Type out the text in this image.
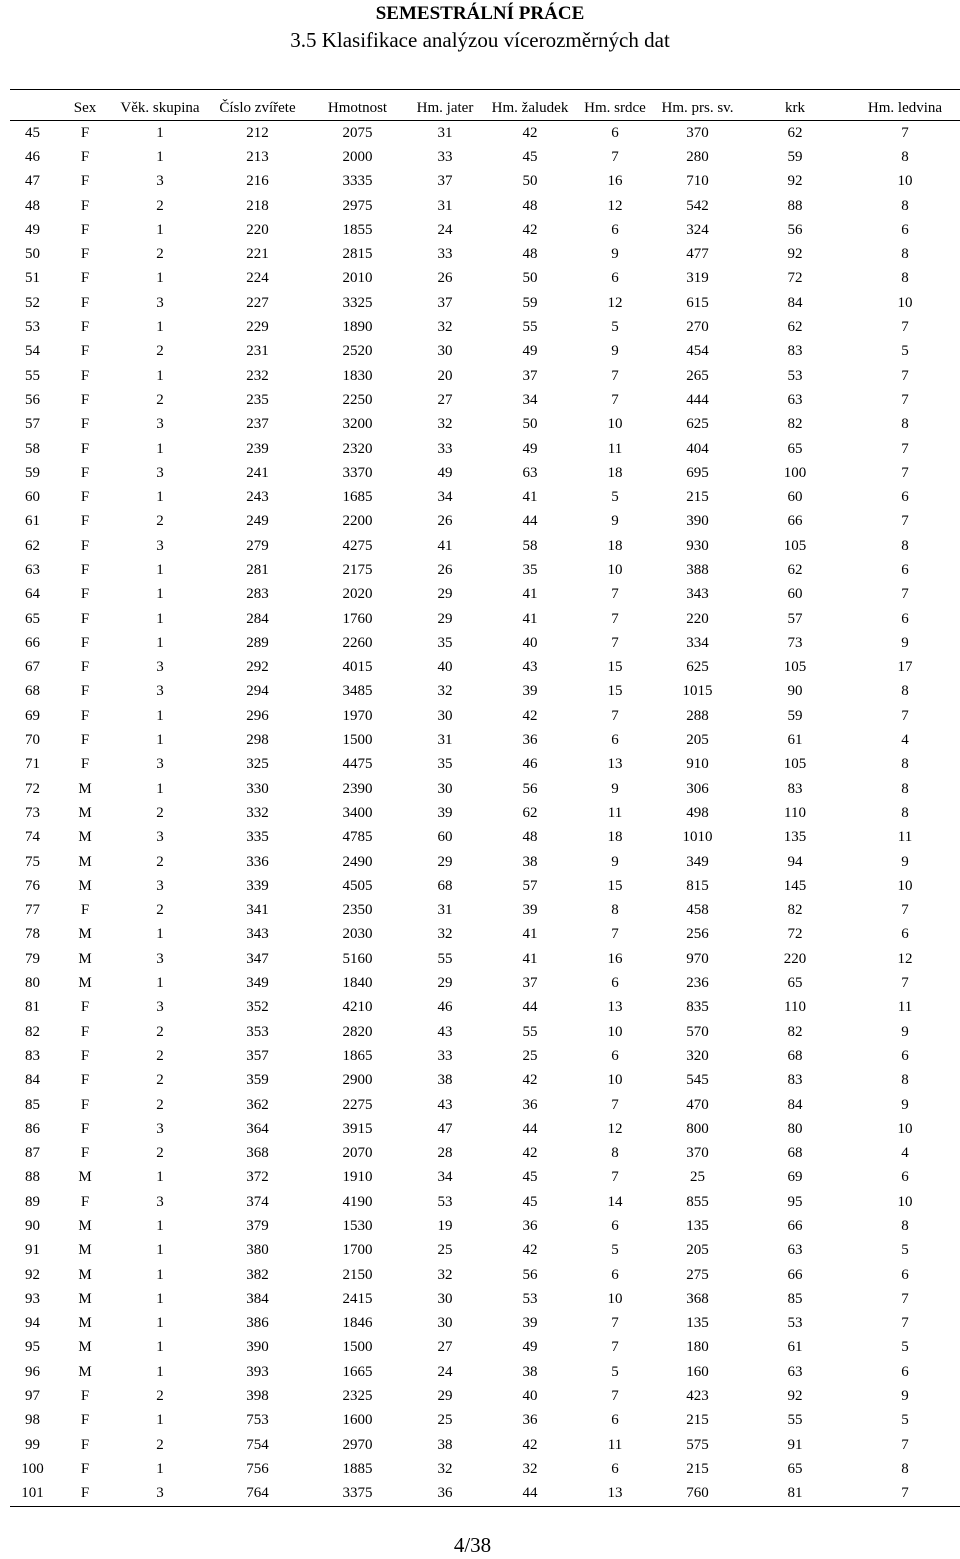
SEMESTRÁLNÍ PRÁCE
3.5 Klasifikace analýzou vícerozměrných dat
	Sex	Věk. skupina	Číslo zvířete	Hmotnost	Hm. jater	Hm. žaludek	Hm. srdce	Hm. prs. sv.	krk	Hm. ledvina
45	F	1	212	2075	31	42	6	370	62	7
46	F	1	213	2000	33	45	7	280	59	8
47	F	3	216	3335	37	50	16	710	92	10
48	F	2	218	2975	31	48	12	542	88	8
49	F	1	220	1855	24	42	6	324	56	6
50	F	2	221	2815	33	48	9	477	92	8
51	F	1	224	2010	26	50	6	319	72	8
52	F	3	227	3325	37	59	12	615	84	10
53	F	1	229	1890	32	55	5	270	62	7
54	F	2	231	2520	30	49	9	454	83	5
55	F	1	232	1830	20	37	7	265	53	7
56	F	2	235	2250	27	34	7	444	63	7
57	F	3	237	3200	32	50	10	625	82	8
58	F	1	239	2320	33	49	11	404	65	7
59	F	3	241	3370	49	63	18	695	100	7
60	F	1	243	1685	34	41	5	215	60	6
61	F	2	249	2200	26	44	9	390	66	7
62	F	3	279	4275	41	58	18	930	105	8
63	F	1	281	2175	26	35	10	388	62	6
64	F	1	283	2020	29	41	7	343	60	7
65	F	1	284	1760	29	41	7	220	57	6
66	F	1	289	2260	35	40	7	334	73	9
67	F	3	292	4015	40	43	15	625	105	17
68	F	3	294	3485	32	39	15	1015	90	8
69	F	1	296	1970	30	42	7	288	59	7
70	F	1	298	1500	31	36	6	205	61	4
71	F	3	325	4475	35	46	13	910	105	8
72	M	1	330	2390	30	56	9	306	83	8
73	M	2	332	3400	39	62	11	498	110	8
74	M	3	335	4785	60	48	18	1010	135	11
75	M	2	336	2490	29	38	9	349	94	9
76	M	3	339	4505	68	57	15	815	145	10
77	F	2	341	2350	31	39	8	458	82	7
78	M	1	343	2030	32	41	7	256	72	6
79	M	3	347	5160	55	41	16	970	220	12
80	M	1	349	1840	29	37	6	236	65	7
81	F	3	352	4210	46	44	13	835	110	11
82	F	2	353	2820	43	55	10	570	82	9
83	F	2	357	1865	33	25	6	320	68	6
84	F	2	359	2900	38	42	10	545	83	8
85	F	2	362	2275	43	36	7	470	84	9
86	F	3	364	3915	47	44	12	800	80	10
87	F	2	368	2070	28	42	8	370	68	4
88	M	1	372	1910	34	45	7	25	69	6
89	F	3	374	4190	53	45	14	855	95	10
90	M	1	379	1530	19	36	6	135	66	8
91	M	1	380	1700	25	42	5	205	63	5
92	M	1	382	2150	32	56	6	275	66	6
93	M	1	384	2415	30	53	10	368	85	7
94	M	1	386	1846	30	39	7	135	53	7
95	M	1	390	1500	27	49	7	180	61	5
96	M	1	393	1665	24	38	5	160	63	6
97	F	2	398	2325	29	40	7	423	92	9
98	F	1	753	1600	25	36	6	215	55	5
99	F	2	754	2970	38	42	11	575	91	7
100	F	1	756	1885	32	32	6	215	65	8
101	F	3	764	3375	36	44	13	760	81	7
4/38
